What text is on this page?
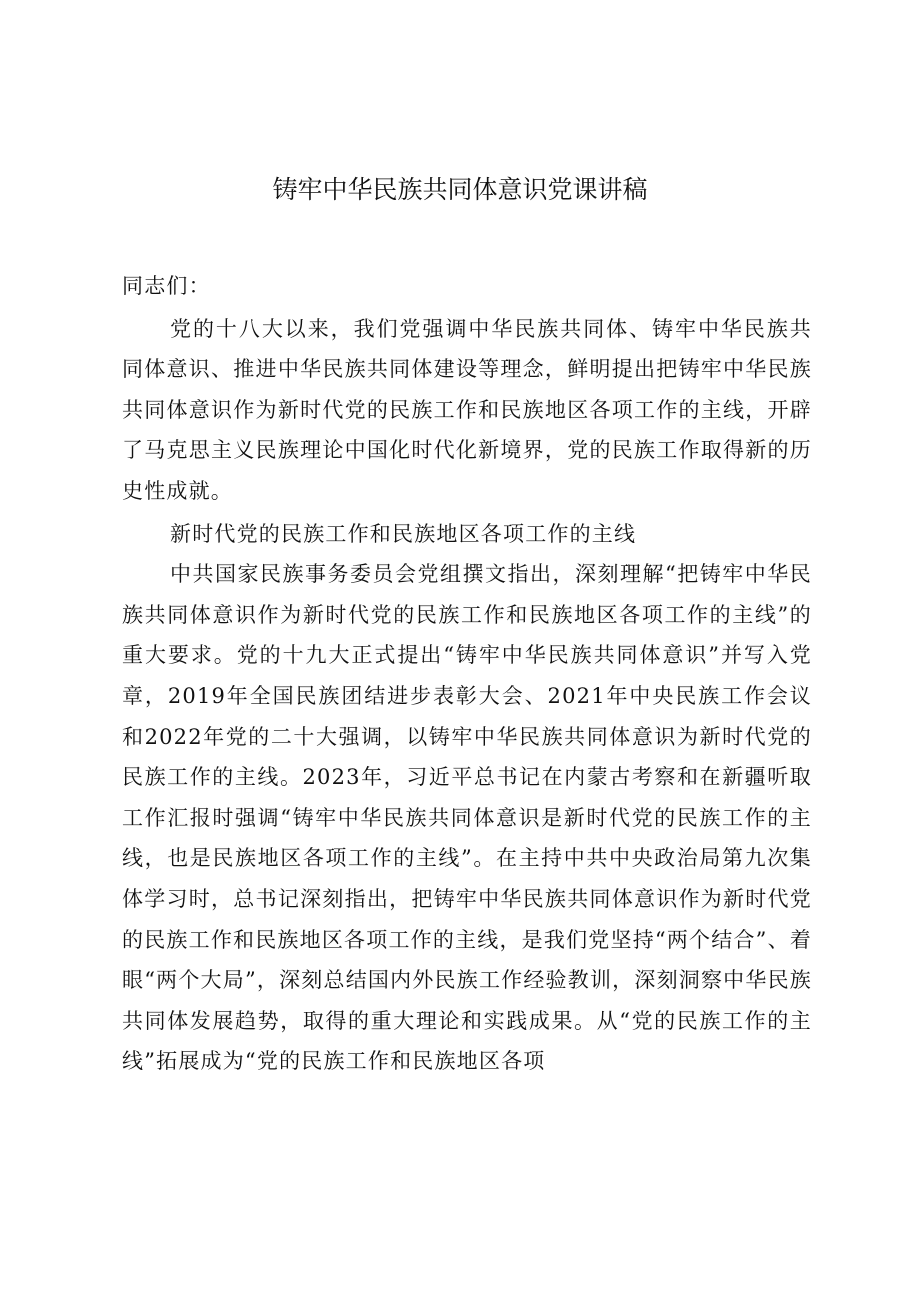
铸牢中华民族共同体意识党课讲稿

同志们：

党的十八大以来，我们党强调中华民族共同体、铸牢中华民族共同体意识、推进中华民族共同体建设等理念，鲜明提出把铸牢中华民族共同体意识作为新时代党的民族工作和民族地区各项工作的主线，开辟了马克思主义民族理论中国化时代化新境界，党的民族工作取得新的历史性成就。

新时代党的民族工作和民族地区各项工作的主线

中共国家民族事务委员会党组撰文指出，深刻理解“把铸牢中华民族共同体意识作为新时代党的民族工作和民族地区各项工作的主线”的重大要求。党的十九大正式提出“铸牢中华民族共同体意识”并写入党章，2019年全国民族团结进步表彰大会、2021年中央民族工作会议和2022年党的二十大强调，以铸牢中华民族共同体意识为新时代党的民族工作的主线。2023年，习近平总书记在内蒙古考察和在新疆听取工作汇报时强调“铸牢中华民族共同体意识是新时代党的民族工作的主线，也是民族地区各项工作的主线”。在主持中共中央政治局第九次集体学习时，总书记深刻指出，把铸牢中华民族共同体意识作为新时代党的民族工作和民族地区各项工作的主线，是我们党坚持“两个结合”、着眼“两个大局”，深刻总结国内外民族工作经验教训，深刻洞察中华民族共同体发展趋势，取得的重大理论和实践成果。从“党的民族工作的主线”拓展成为“党的民族工作和民族地区各项
